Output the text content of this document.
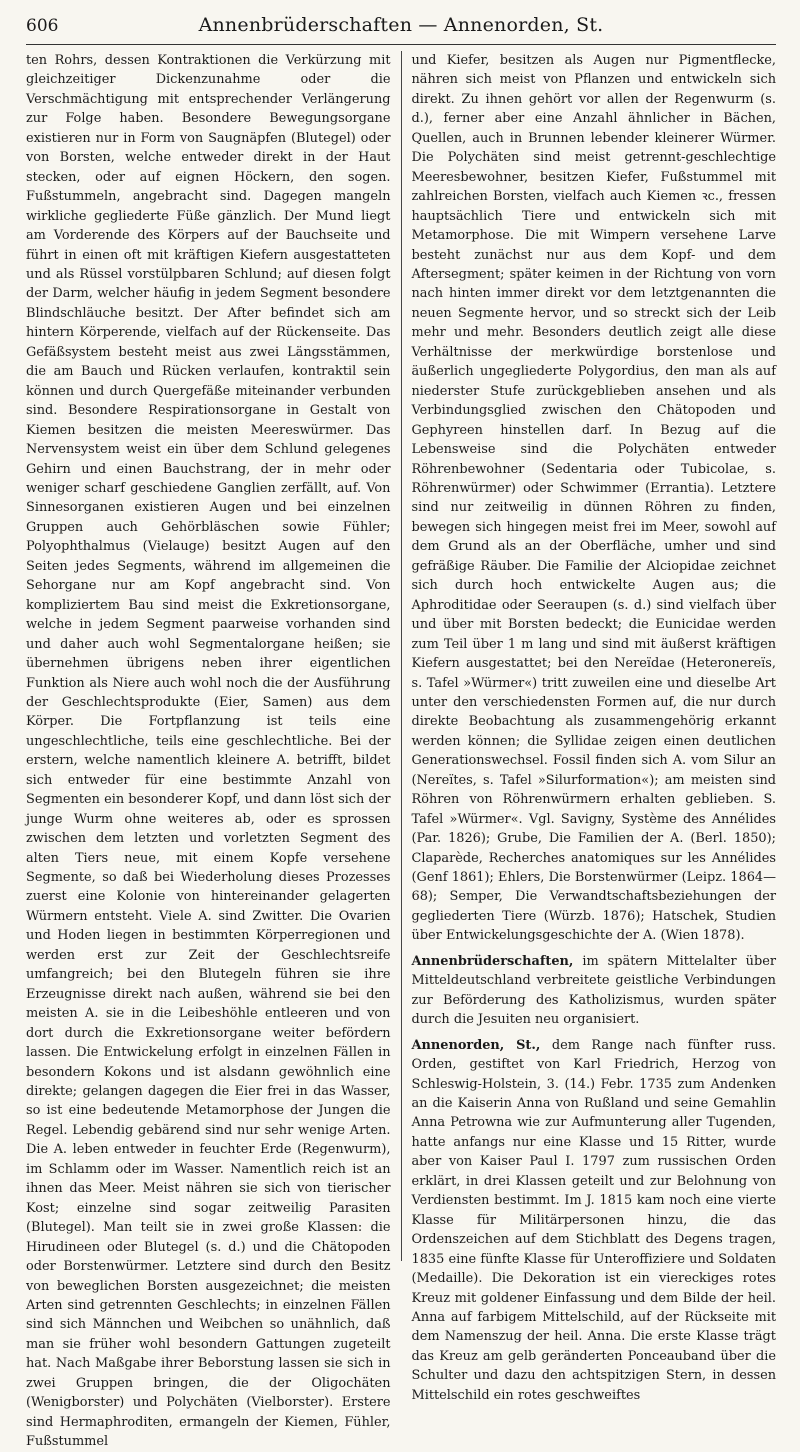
606	Annenbrüderschaften — Annenorden, St.

ten Rohrs, dessen Kontraktionen die Verkürzung mit gleichzeitiger Dickenzunahme oder die Verschmächtigung mit entsprechender Verlängerung zur Folge haben. Besondere Bewegungsorgane existieren nur in Form von Saugnäpfen (Blutegel) oder von Borsten, welche entweder direkt in der Haut stecken, oder auf eignen Höckern, den sogen. Fußstummeln, angebracht sind. Dagegen mangeln wirkliche gegliederte Füße gänzlich. Der Mund liegt am Vorderende des Körpers auf der Bauchseite und führt in einen oft mit kräftigen Kiefern ausgestatteten und als Rüssel vorstülpbaren Schlund; auf diesen folgt der Darm, welcher häufig in jedem Segment besondere Blindschläuche besitzt. Der After befindet sich am hintern Körperende, vielfach auf der Rückenseite. Das Gefäßsystem besteht meist aus zwei Längsstämmen, die am Bauch und Rücken verlaufen, kontraktil sein können und durch Quergefäße miteinander verbunden sind. Besondere Respirationsorgane in Gestalt von Kiemen besitzen die meisten Meereswürmer. Das Nervensystem weist ein über dem Schlund gelegenes Gehirn und einen Bauchstrang, der in mehr oder weniger scharf geschiedene Ganglien zerfällt, auf. Von Sinnesorganen existieren Augen und bei einzelnen Gruppen auch Gehörbläschen sowie Fühler; Polyophthalmus (Vielauge) besitzt Augen auf den Seiten jedes Segments, während im allgemeinen die Sehorgane nur am Kopf angebracht sind. Von kompliziertem Bau sind meist die Exkretionsorgane, welche in jedem Segment paarweise vorhanden sind und daher auch wohl Segmentalorgane heißen; sie übernehmen übrigens neben ihrer eigentlichen Funktion als Niere auch wohl noch die der Ausführung der Geschlechtsprodukte (Eier, Samen) aus dem Körper. Die Fortpflanzung ist teils eine ungeschlechtliche, teils eine geschlechtliche. Bei der erstern, welche namentlich kleinere A. betrifft, bildet sich entweder für eine bestimmte Anzahl von Segmenten ein besonderer Kopf, und dann löst sich der junge Wurm ohne weiteres ab, oder es sprossen zwischen dem letzten und vorletzten Segment des alten Tiers neue, mit einem Kopfe versehene Segmente, so daß bei Wiederholung dieses Prozesses zuerst eine Kolonie von hintereinander gelagerten Würmern entsteht. Viele A. sind Zwitter. Die Ovarien und Hoden liegen in bestimmten Körperregionen und werden erst zur Zeit der Geschlechtsreife umfangreich; bei den Blutegeln führen sie ihre Erzeugnisse direkt nach außen, während sie bei den meisten A. sie in die Leibeshöhle entleeren und von dort durch die Exkretionsorgane weiter befördern lassen. Die Entwickelung erfolgt in einzelnen Fällen in besondern Kokons und ist alsdann gewöhnlich eine direkte; gelangen dagegen die Eier frei in das Wasser, so ist eine bedeutende Metamorphose der Jungen die Regel. Lebendig gebärend sind nur sehr wenige Arten. Die A. leben entweder in feuchter Erde (Regenwurm), im Schlamm oder im Wasser. Namentlich reich ist an ihnen das Meer. Meist nähren sie sich von tierischer Kost; einzelne sind sogar zeitweilig Parasiten (Blutegel). Man teilt sie in zwei große Klassen: die Hirudineen oder Blutegel (s. d.) und die Chätopoden oder Borstenwürmer. Letztere sind durch den Besitz von beweglichen Borsten ausgezeichnet; die meisten Arten sind getrennten Geschlechts; in einzelnen Fällen sind sich Männchen und Weibchen so unähnlich, daß man sie früher wohl besondern Gattungen zugeteilt hat. Nach Maßgabe ihrer Beborstung lassen sie sich in zwei Gruppen bringen, die der Oligochäten (Wenigborster) und Polychäten (Vielborster). Erstere sind Hermaphroditen, ermangeln der Kiemen, Fühler, Fußstummel

und Kiefer, besitzen als Augen nur Pigmentflecke, nähren sich meist von Pflanzen und entwickeln sich direkt. Zu ihnen gehört vor allen der Regenwurm (s. d.), ferner aber eine Anzahl ähnlicher in Bächen, Quellen, auch in Brunnen lebender kleinerer Würmer. Die Polychäten sind meist getrennt-geschlechtige Meeresbewohner, besitzen Kiefer, Fußstummel mit zahlreichen Borsten, vielfach auch Kiemen ꝛc., fressen hauptsächlich Tiere und entwickeln sich mit Metamorphose. Die mit Wimpern versehene Larve besteht zunächst nur aus dem Kopf- und dem Aftersegment; später keimen in der Richtung von vorn nach hinten immer direkt vor dem letztgenannten die neuen Segmente hervor, und so streckt sich der Leib mehr und mehr. Besonders deutlich zeigt alle diese Verhältnisse der merkwürdige borstenlose und äußerlich ungegliederte Polygordius, den man als auf niederster Stufe zurückgeblieben ansehen und als Verbindungsglied zwischen den Chätopoden und Gephyreen hinstellen darf. In Bezug auf die Lebensweise sind die Polychäten entweder Röhrenbewohner (Sedentaria oder Tubicolae, s. Röhrenwürmer) oder Schwimmer (Errantia). Letztere sind nur zeitweilig in dünnen Röhren zu finden, bewegen sich hingegen meist frei im Meer, sowohl auf dem Grund als an der Oberfläche, umher und sind gefräßige Räuber. Die Familie der Alciopidae zeichnet sich durch hoch entwickelte Augen aus; die Aphroditidae oder Seeraupen (s. d.) sind vielfach über und über mit Borsten bedeckt; die Eunicidae werden zum Teil über 1 m lang und sind mit äußerst kräftigen Kiefern ausgestattet; bei den Nereïdae (Heteronereïs, s. Tafel »Würmer«) tritt zuweilen eine und dieselbe Art unter den verschiedensten Formen auf, die nur durch direkte Beobachtung als zusammengehörig erkannt werden können; die Syllidae zeigen einen deutlichen Generationswechsel. Fossil finden sich A. vom Silur an (Nereïtes, s. Tafel »Silurformation«); am meisten sind Röhren von Röhrenwürmern erhalten geblieben. S. Tafel »Würmer«. Vgl. Savigny, Système des Annélides (Par. 1826); Grube, Die Familien der A. (Berl. 1850); Claparède, Recherches anatomiques sur les Annélides (Genf 1861); Ehlers, Die Borstenwürmer (Leipz. 1864—68); Semper, Die Verwandtschaftsbeziehungen der gegliederten Tiere (Würzb. 1876); Hatschek, Studien über Entwickelungsgeschichte der A. (Wien 1878).

Annenbrüderschaften, im spätern Mittelalter über Mitteldeutschland verbreitete geistliche Verbindungen zur Beförderung des Katholizismus, wurden später durch die Jesuiten neu organisiert.

Annenorden, St., dem Range nach fünfter russ. Orden, gestiftet von Karl Friedrich, Herzog von Schleswig-Holstein, 3. (14.) Febr. 1735 zum Andenken an die Kaiserin Anna von Rußland und seine Gemahlin Anna Petrowna wie zur Aufmunterung aller Tugenden, hatte anfangs nur eine Klasse und 15 Ritter, wurde aber von Kaiser Paul I. 1797 zum russischen Orden erklärt, in drei Klassen geteilt und zur Belohnung von Verdiensten bestimmt. Im J. 1815 kam noch eine vierte Klasse für Militärpersonen hinzu, die das Ordenszeichen auf dem Stichblatt des Degens tragen, 1835 eine fünfte Klasse für Unteroffiziere und Soldaten (Medaille). Die Dekoration ist ein viereckiges rotes Kreuz mit goldener Einfassung und dem Bilde der heil. Anna auf farbigem Mittelschild, auf der Rückseite mit dem Namenszug der heil. Anna. Die erste Klasse trägt das Kreuz am gelb geränderten Ponceauband über die Schulter und dazu den achtspitzigen Stern, in dessen Mittelschild ein rotes geschweiftes
